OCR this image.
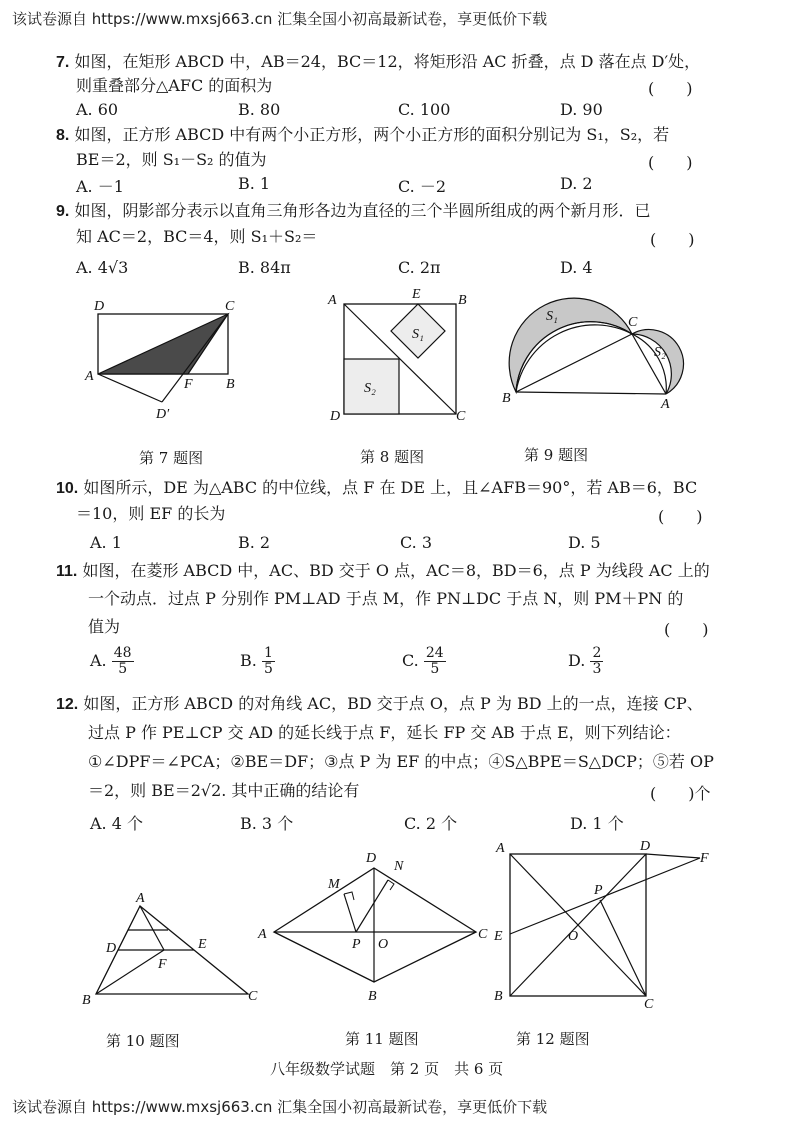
该试卷源自 https://www.mxsj663.cn 汇集全国小初高最新试卷，享更低价下载
7. 如图，在矩形 ABCD 中，AB＝24，BC＝12，将矩形沿 AC 折叠，点 D 落在点 D′处，
则重叠部分△AFC 的面积为	(　　)
A. 60	B. 80	C. 100	D. 90
8. 如图，正方形 ABCD 中有两个小正方形，两个小正方形的面积分别记为 S₁，S₂，若
BE＝2，则 S₁－S₂ 的值为	(　　)
A. －1	B. 1	C. －2	D. 2
9. 如图，阴影部分表示以直角三角形各边为直径的三个半圆所组成的两个新月形．已
知 AC＝2，BC＝4，则 S₁＋S₂＝	(　　)
A. 4√3	B. 84π	C. 2π	D. 4
D	C
A
F B
D′
第 7 题图
A	E	B
S₁
S₂
D	C
第 8 题图
S₁	C
S₂
B	A
第 9 题图
10. 如图所示，DE 为△ABC 的中位线，点 F 在 DE 上，且∠AFB＝90°，若 AB＝6，BC
＝10，则 EF 的长为	(　　)
A. 1	B. 2	C. 3	D. 5
11. 如图，在菱形 ABCD 中，AC、BD 交于 O 点，AC＝8，BD＝6，点 P 为线段 AC 上的
一个动点．过点 P 分别作 PM⊥AD 于点 M，作 PN⊥DC 于点 N，则 PM＋PN 的
值为	(　　)
A. $\frac{48}{5}$	B. $\frac{1}{5}$	C. $\frac{24}{5}$	D. $\frac{2}{3}$
12. 如图，正方形 ABCD 的对角线 AC，BD 交于点 O，点 P 为 BD 上的一点，连接 CP、
过点 P 作 PE⊥CP 交 AD 的延长线于点 F，延长 FP 交 AB 于点 E，则下列结论：
①∠DPF＝∠PCA；②BE＝DF；③点 P 为 EF 的中点；④S△BPE＝S△DCP；⑤若 OP
＝2，则 BE＝2√2. 其中正确的结论有	(　　)个
A. 4 个	B. 3 个	C. 2 个	D. 1 个
A
D	E
F
B	C
第 10 题图
D
N
M
A
P O
C
B
第 11 题图
A	D
F
P
E	O
B
C
第 12 题图
八年级数学试题　第 2 页　共 6 页
该试卷源自 https://www.mxsj663.cn 汇集全国小初高最新试卷，享更低价下载
